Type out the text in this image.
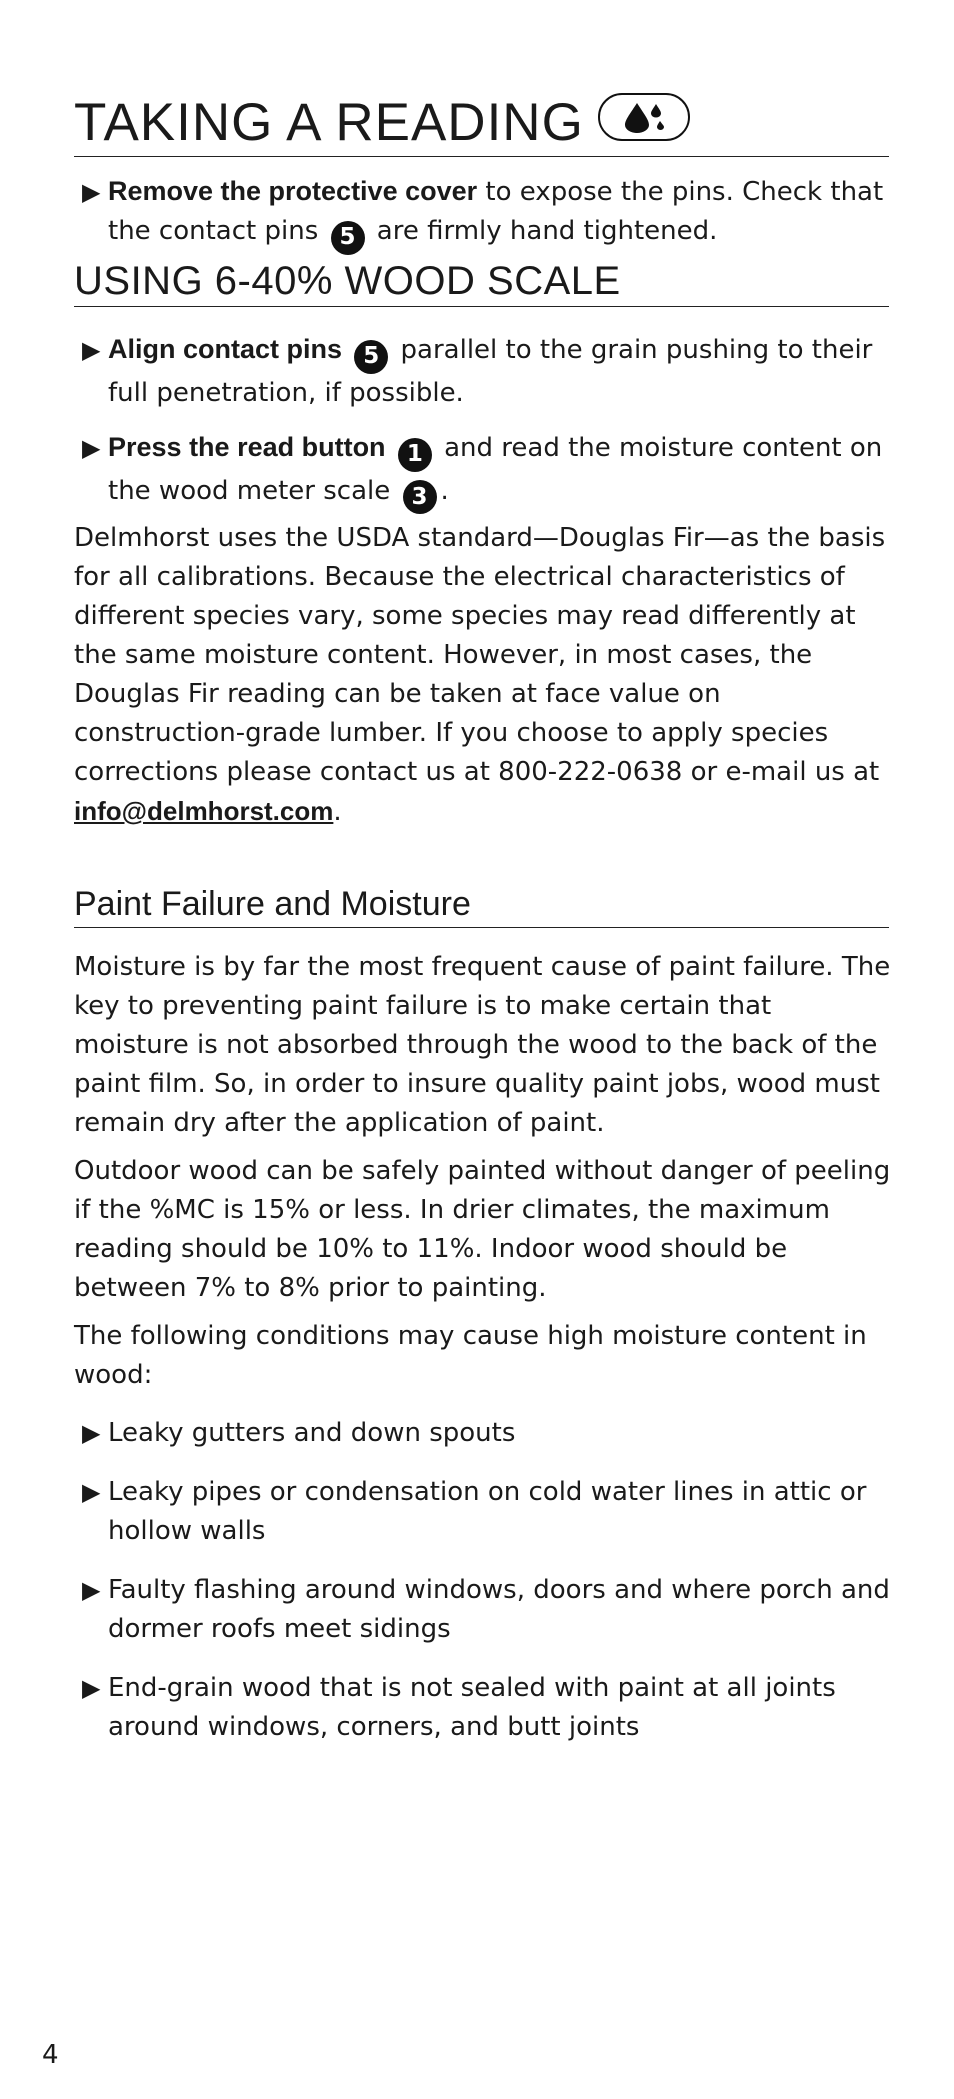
TAKING A READING
▶ Remove the protective cover to expose the pins. Check that the contact pins 5 are firmly hand tightened.
USING 6-40% WOOD SCALE
▶ Align contact pins 5 parallel to the grain pushing to their full penetration, if possible.
▶ Press the read button 1 and read the moisture content on the wood meter scale 3 .
Delmhorst uses the USDA standard—Douglas Fir—as the basis for all calibrations. Because the electrical characteristics of different species vary, some species may read differently at the same moisture content. However, in most cases, the Douglas Fir reading can be taken at face value on construction-grade lumber. If you choose to apply species corrections please contact us at 800-222-0638 or e-mail us at info@delmhorst.com.
Paint Failure and Moisture
Moisture is by far the most frequent cause of paint failure. The key to preventing paint failure is to make certain that moisture is not absorbed through the wood to the back of the paint film. So, in order to insure quality paint jobs, wood must remain dry after the application of paint.
Outdoor wood can be safely painted without danger of peeling if the %MC is 15% or less. In drier climates, the maximum reading should be 10% to 11%. Indoor wood should be between 7% to 8% prior to painting.
The following conditions may cause high moisture content in wood:
▶ Leaky gutters and down spouts
▶ Leaky pipes or condensation on cold water lines in attic or hollow walls
▶ Faulty flashing around windows, doors and where porch and dormer roofs meet sidings
▶ End-grain wood that is not sealed with paint at all joints around windows, corners, and butt joints
4
